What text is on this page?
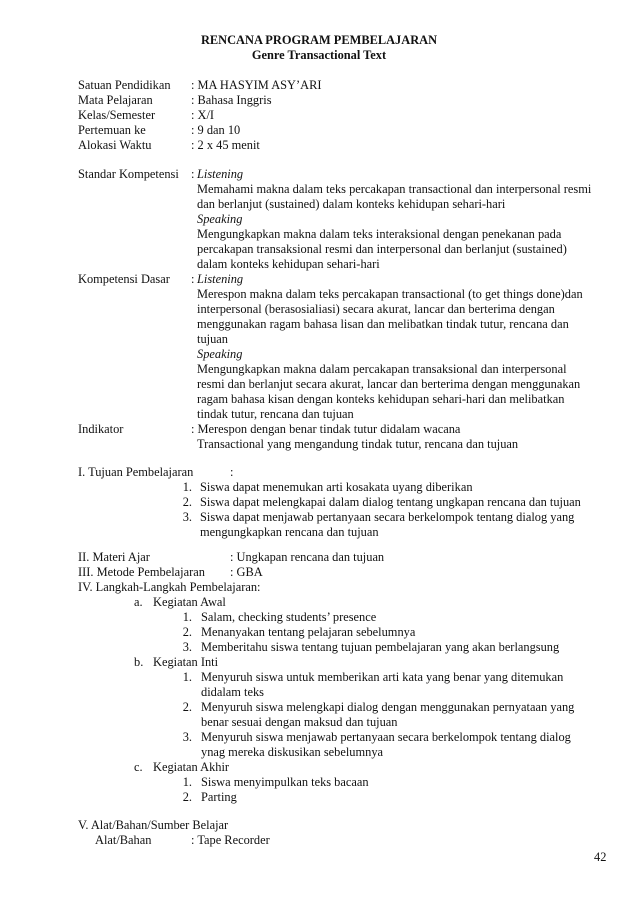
RENCANA PROGRAM PEMBELAJARAN
Genre Transactional Text
Satuan Pendidikan : MA HASYIM ASY’ARI
Mata Pelajaran	: Bahasa Inggris
Kelas/Semester	: X/I
Pertemuan ke	: 9 dan 10
Alokasi Waktu	: 2 x 45 menit
Standar Kompetensi : Listening
Memahami makna dalam teks percakapan transactional dan interpersonal resmi
dan berlanjut (sustained) dalam konteks kehidupan sehari-hari
Speaking
Mengungkapkan makna dalam teks interaksional dengan penekanan pada
percakapan transaksional resmi dan interpersonal dan berlanjut (sustained)
dalam konteks kehidupan sehari-hari
Kompetensi Dasar : Listening
Merespon makna dalam teks percakapan transactional (to get things done)dan
interpersonal (berasosialiasi) secara akurat, lancar dan berterima dengan
menggunakan ragam bahasa lisan dan melibatkan tindak tutur, rencana dan
tujuan
Speaking
Mengungkapkan makna dalam percakapan transaksional dan interpersonal
resmi dan berlanjut secara akurat, lancar dan berterima dengan menggunakan
ragam bahasa kisan dengan konteks kehidupan sehari-hari dan melibatkan
tindak tutur, rencana dan tujuan
Indikator	: Merespon dengan benar tindak tutur didalam wacana
Transactional yang mengandung tindak tutur, rencana dan tujuan
I. Tujuan Pembelajaran	:
1. Siswa dapat menemukan arti kosakata uyang diberikan
2. Siswa dapat melengkapai dalam dialog tentang ungkapan rencana dan tujuan
3. Siswa dapat menjawab pertanyaan secara berkelompok tentang dialog yang
mengungkapkan rencana dan tujuan
II. Materi Ajar	: Ungkapan rencana dan tujuan
III. Metode Pembelajaran : GBA
IV. Langkah-Langkah Pembelajaran:
a. Kegiatan Awal
1. Salam, checking students’ presence
2. Menanyakan tentang pelajaran sebelumnya
3. Memberitahu siswa tentang tujuan pembelajaran yang akan berlangsung
b. Kegiatan Inti
1. Menyuruh siswa untuk memberikan arti kata yang benar yang ditemukan
didalam teks
2. Menyuruh siswa melengkapi dialog dengan menggunakan pernyataan yang
benar sesuai dengan maksud dan tujuan
3. Menyuruh siswa menjawab pertanyaan secara berkelompok tentang dialog
ynag mereka diskusikan sebelumnya
c. Kegiatan Akhir
1. Siswa menyimpulkan teks bacaan
2. Parting
V. Alat/Bahan/Sumber Belajar
Alat/Bahan	: Tape Recorder
42
